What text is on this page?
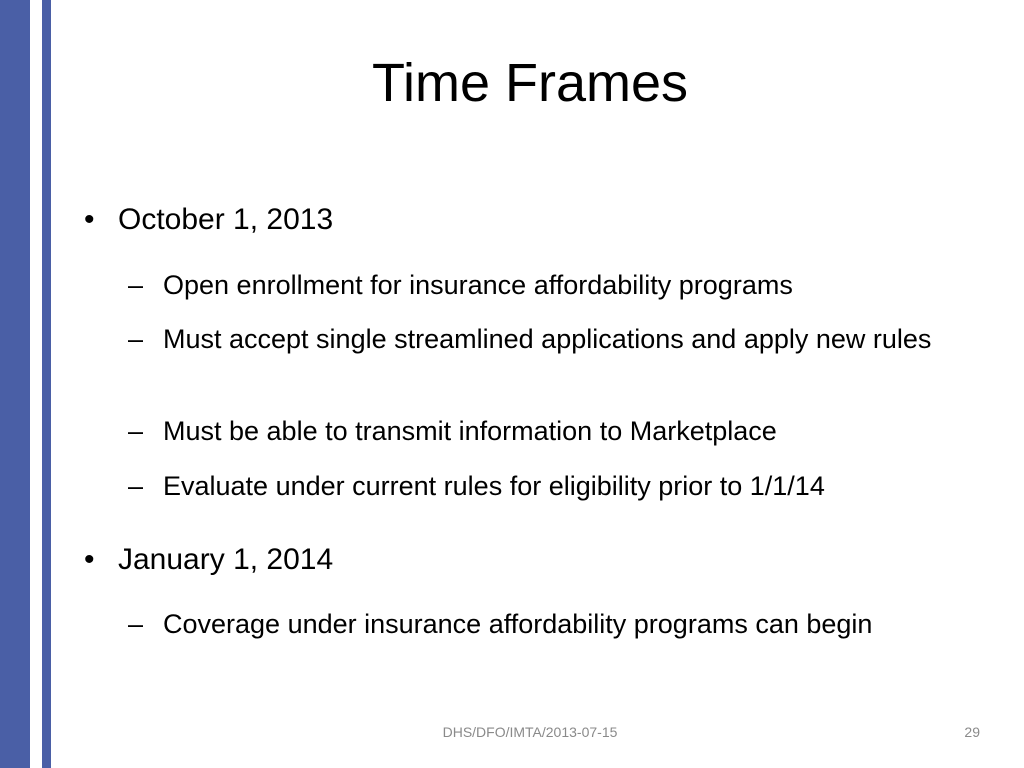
Time Frames
• October 1, 2013
– Open enrollment for insurance affordability programs
– Must accept single streamlined applications and apply new rules
– Must be able to transmit information to Marketplace
– Evaluate under current rules for eligibility prior to 1/1/14
• January 1, 2014
– Coverage under insurance affordability programs can begin
DHS/DFO/IMTA/2013-07-15	29
